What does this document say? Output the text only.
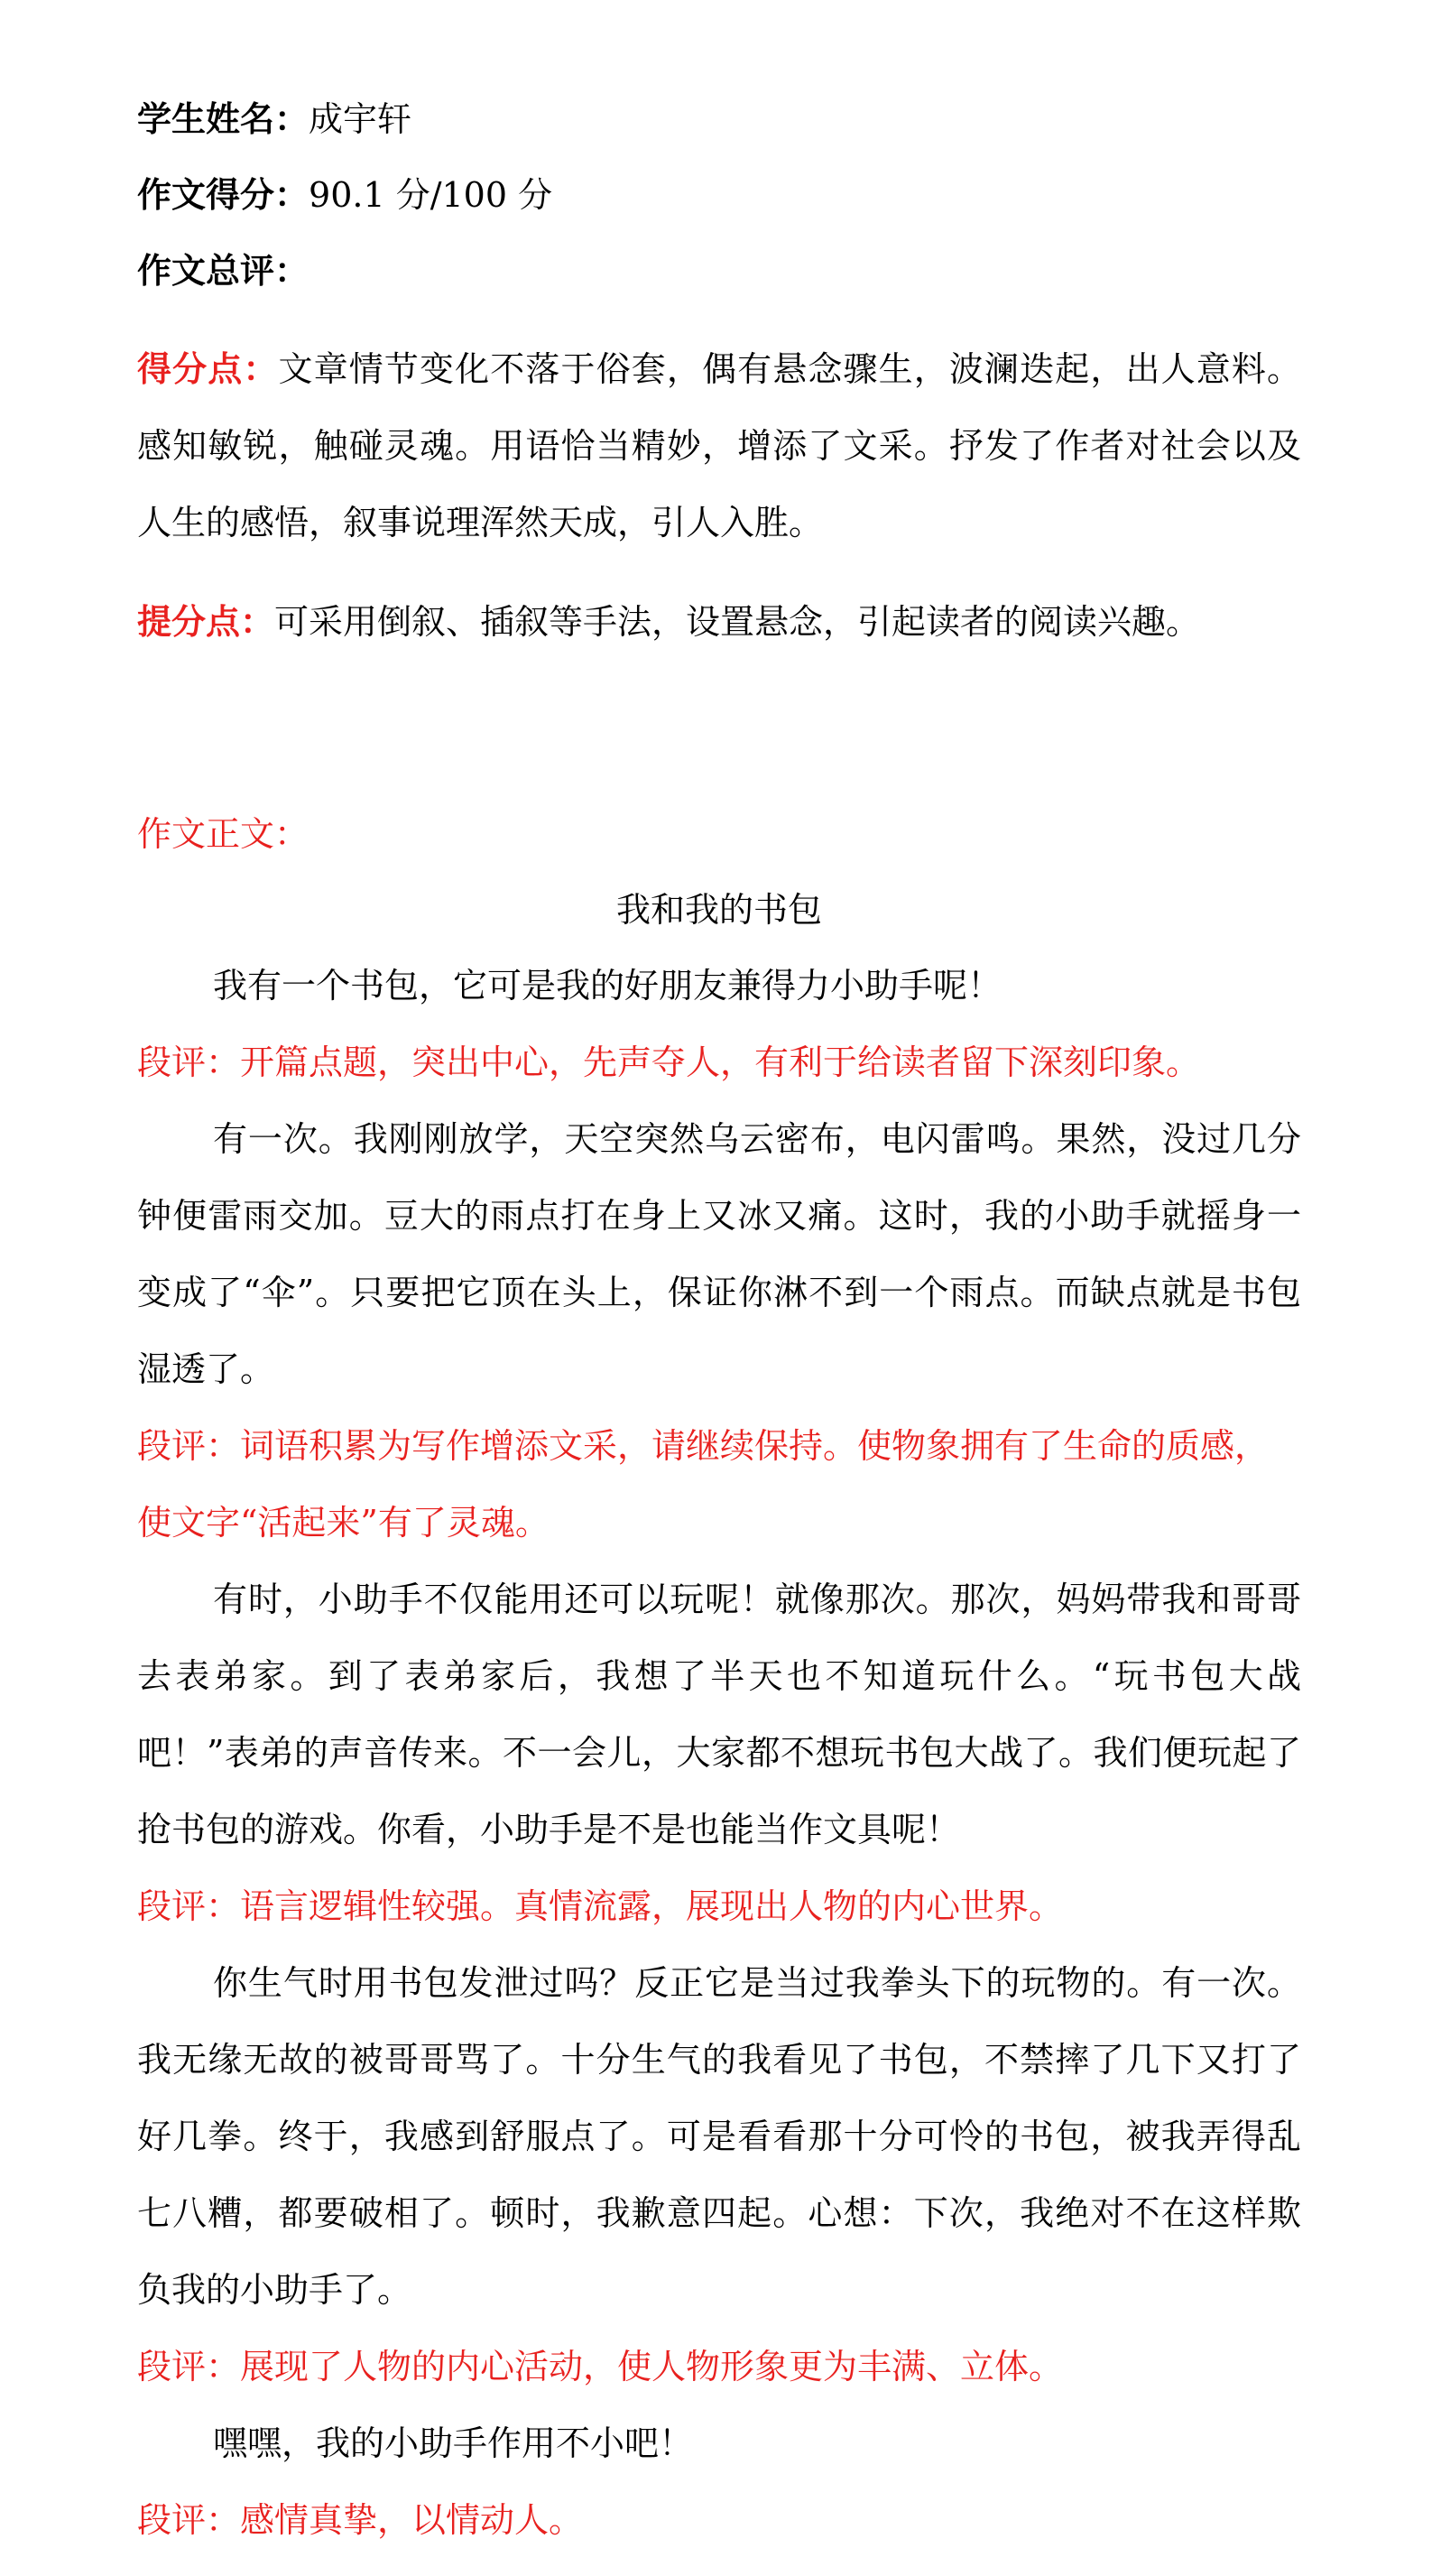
学生姓名：成宇轩

作文得分：90.1 分/100 分

作文总评：

得分点：文章情节变化不落于俗套，偶有悬念骤生，波澜迭起，出人意料。感知敏锐，触碰灵魂。用语恰当精妙，增添了文采。抒发了作者对社会以及人生的感悟，叙事说理浑然天成，引人入胜。

提分点：可采用倒叙、插叙等手法，设置悬念，引起读者的阅读兴趣。

作文正文：

我和我的书包

我有一个书包，它可是我的好朋友兼得力小助手呢！

段评：开篇点题，突出中心，先声夺人，有利于给读者留下深刻印象。

有一次。我刚刚放学，天空突然乌云密布，电闪雷鸣。果然，没过几分钟便雷雨交加。豆大的雨点打在身上又冰又痛。这时，我的小助手就摇身一变成了“伞”。只要把它顶在头上，保证你淋不到一个雨点。而缺点就是书包湿透了。

段评：词语积累为写作增添文采，请继续保持。使物象拥有了生命的质感，使文字“活起来”有了灵魂。

有时，小助手不仅能用还可以玩呢！就像那次。那次，妈妈带我和哥哥去表弟家。到了表弟家后，我想了半天也不知道玩什么。“玩书包大战吧！”表弟的声音传来。不一会儿，大家都不想玩书包大战了。我们便玩起了抢书包的游戏。你看，小助手是不是也能当作文具呢！

段评：语言逻辑性较强。真情流露，展现出人物的内心世界。

你生气时用书包发泄过吗？反正它是当过我拳头下的玩物的。有一次。我无缘无故的被哥哥骂了。十分生气的我看见了书包，不禁摔了几下又打了好几拳。终于，我感到舒服点了。可是看看那十分可怜的书包，被我弄得乱七八糟，都要破相了。顿时，我歉意四起。心想：下次，我绝对不在这样欺负我的小助手了。

段评：展现了人物的内心活动，使人物形象更为丰满、立体。

嘿嘿，我的小助手作用不小吧！

段评：感情真挚，以情动人。
